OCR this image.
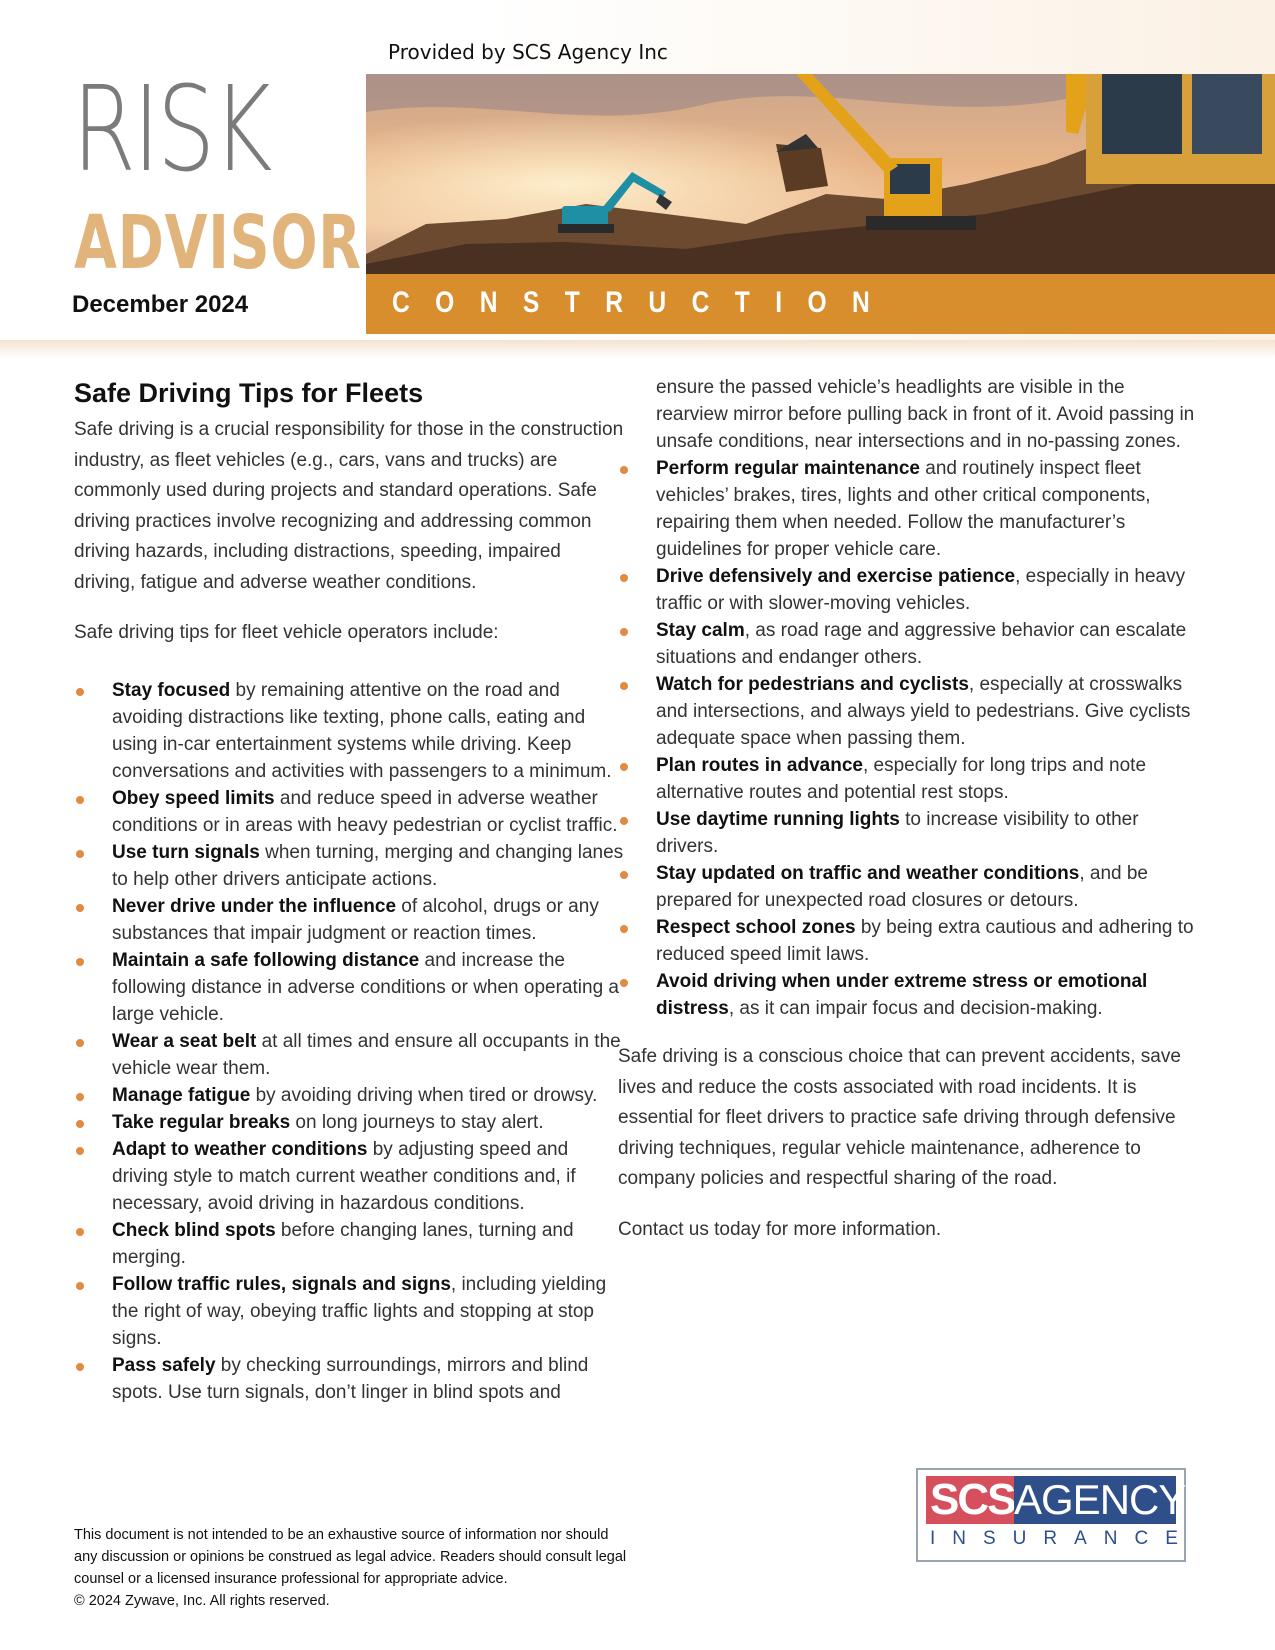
Provided by SCS Agency Inc
RISK
ADVISOR
December 2024	CONSTRUCTION
Safe Driving Tips for Fleets

Safe driving is a crucial responsibility for those in the construction industry, as fleet vehicles (e.g., cars, vans and trucks) are commonly used during projects and standard operations. Safe driving practices involve recognizing and addressing common driving hazards, including distractions, speeding, impaired driving, fatigue and adverse weather conditions.

Safe driving tips for fleet vehicle operators include:

Stay focused by remaining attentive on the road and avoiding distractions like texting, phone calls, eating and using in-car entertainment systems while driving. Keep conversations and activities with passengers to a minimum.
Obey speed limits and reduce speed in adverse weather conditions or in areas with heavy pedestrian or cyclist traffic.
Use turn signals when turning, merging and changing lanes to help other drivers anticipate actions.
Never drive under the influence of alcohol, drugs or any substances that impair judgment or reaction times.
Maintain a safe following distance and increase the following distance in adverse conditions or when operating a large vehicle.
Wear a seat belt at all times and ensure all occupants in the vehicle wear them.
Manage fatigue by avoiding driving when tired or drowsy.
Take regular breaks on long journeys to stay alert.
Adapt to weather conditions by adjusting speed and driving style to match current weather conditions and, if necessary, avoid driving in hazardous conditions.
Check blind spots before changing lanes, turning and merging.
Follow traffic rules, signals and signs, including yielding the right of way, obeying traffic lights and stopping at stop signs.
Pass safely by checking surroundings, mirrors and blind spots. Use turn signals, don’t linger in blind spots and

ensure the passed vehicle’s headlights are visible in the rearview mirror before pulling back in front of it. Avoid passing in unsafe conditions, near intersections and in no-passing zones.

Perform regular maintenance and routinely inspect fleet vehicles’ brakes, tires, lights and other critical components, repairing them when needed. Follow the manufacturer’s guidelines for proper vehicle care.
Drive defensively and exercise patience, especially in heavy traffic or with slower-moving vehicles.
Stay calm, as road rage and aggressive behavior can escalate situations and endanger others.
Watch for pedestrians and cyclists, especially at crosswalks and intersections, and always yield to pedestrians. Give cyclists adequate space when passing them.
Plan routes in advance, especially for long trips and note alternative routes and potential rest stops.
Use daytime running lights to increase visibility to other drivers.
Stay updated on traffic and weather conditions, and be prepared for unexpected road closures or detours.
Respect school zones by being extra cautious and adhering to reduced speed limit laws.
Avoid driving when under extreme stress or emotional distress, as it can impair focus and decision-making.

Safe driving is a conscious choice that can prevent accidents, save lives and reduce the costs associated with road incidents. It is essential for fleet drivers to practice safe driving through defensive driving techniques, regular vehicle maintenance, adherence to company policies and respectful sharing of the road.

Contact us today for more information.

This document is not intended to be an exhaustive source of information nor should any discussion or opinions be construed as legal advice. Readers should consult legal counsel or a licensed insurance professional for appropriate advice.
© 2024 Zywave, Inc. All rights reserved.
SCS AGENCY
INSURANCE
